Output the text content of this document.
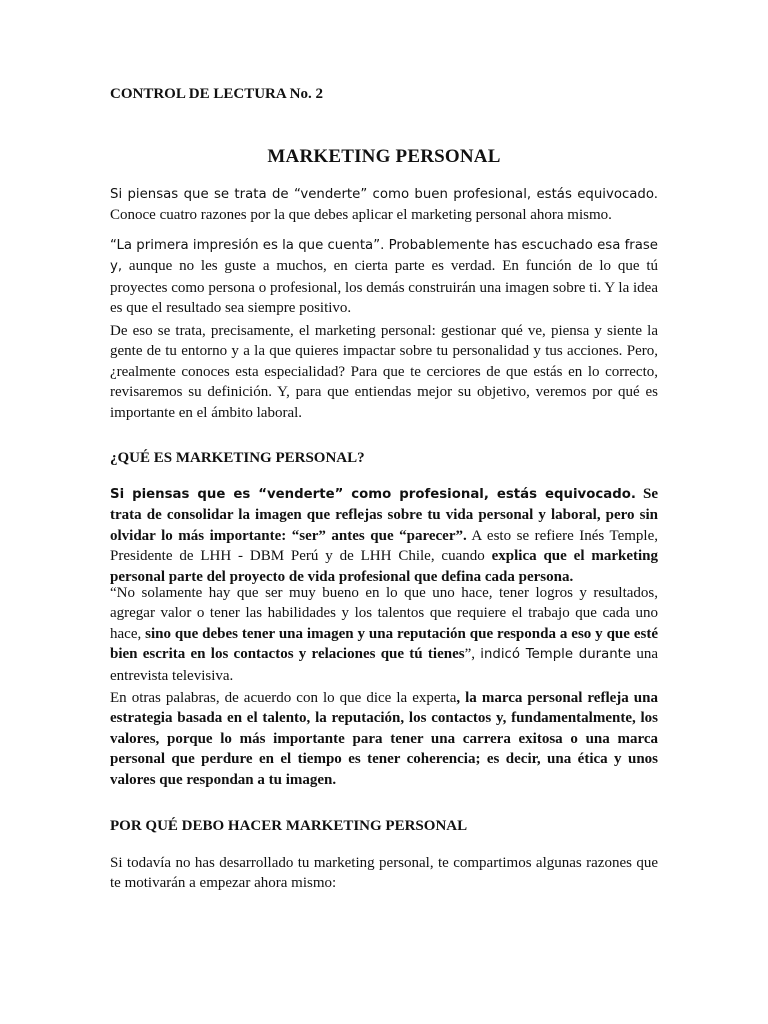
CONTROL DE LECTURA No. 2
MARKETING PERSONAL

Si piensas que se trata de “venderte” como buen profesional, estás equivocado. Conoce cuatro razones por la que debes aplicar el marketing personal ahora mismo.

“La primera impresión es la que cuenta”. Probablemente has escuchado esa frase y, aunque no les guste a muchos, en cierta parte es verdad. En función de lo que tú proyectes como persona o profesional, los demás construirán una imagen sobre ti. Y la idea es que el resultado sea siempre positivo.

De eso se trata, precisamente, el marketing personal: gestionar qué ve, piensa y siente la gente de tu entorno y a la que quieres impactar sobre tu personalidad y tus acciones. Pero, ¿realmente conoces esta especialidad? Para que te cerciores de que estás en lo correcto, revisaremos su definición. Y, para que entiendas mejor su objetivo, veremos por qué es importante en el ámbito laboral.

¿QUÉ ES MARKETING PERSONAL?

Si piensas que es “venderte” como profesional, estás equivocado. Se trata de consolidar la imagen que reflejas sobre tu vida personal y laboral, pero sin olvidar lo más importante: “ser” antes que “parecer”. A esto se refiere Inés Temple, Presidente de LHH - DBM Perú y de LHH Chile, cuando explica que el marketing personal parte del proyecto de vida profesional que defina cada persona.

“No solamente hay que ser muy bueno en lo que uno hace, tener logros y resultados, agregar valor o tener las habilidades y los talentos que requiere el trabajo que cada uno hace, sino que debes tener una imagen y una reputación que responda a eso y que esté bien escrita en los contactos y relaciones que tú tienes”, indicó Temple durante una entrevista televisiva.

En otras palabras, de acuerdo con lo que dice la experta, la marca personal refleja una estrategia basada en el talento, la reputación, los contactos y, fundamentalmente, los valores, porque lo más importante para tener una carrera exitosa o una marca personal que perdure en el tiempo es tener coherencia; es decir, una ética y unos valores que respondan a tu imagen.

POR QUÉ DEBO HACER MARKETING PERSONAL

Si todavía no has desarrollado tu marketing personal, te compartimos algunas razones que te motivarán a empezar ahora mismo:
